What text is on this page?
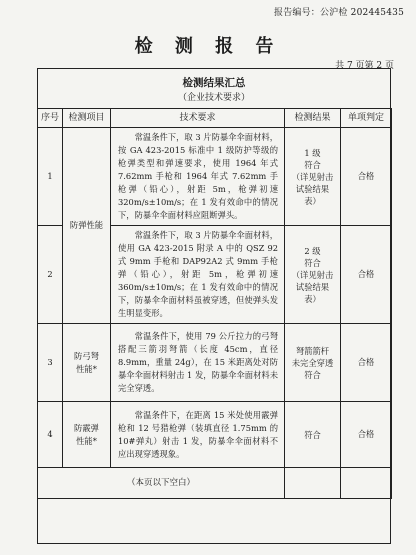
报告编号：公沪检 202445435
检 测 报 告
共 7 页第 2 页
检测结果汇总
（企业技术要求）
序号	检测项目	技术要求	检测结果	单项判定
1	防弹性能	常温条件下，取 3 片防暴伞伞面材料，按 GA 423-2015 标准中 1 级防护等级的枪弹类型和弹速要求，使用 1964 年式 7.62mm 手枪和 1964 年式 7.62mm 手枪弹（铅心），射距 5m，枪弹初速 320m/s±10m/s；在 1 发有效命中的情况下，防暴伞伞面材料应阻断弹头。	1 级
符合
（详见射击
试验结果
表）	合格
2		常温条件下，取 3 片防暴伞伞面材料，使用 GA 423-2015 附录 A 中的 QSZ 92 式 9mm 手枪和 DAP92A2 式 9mm 手枪弹（铅心），射距 5m，枪弹初速 360m/s±10m/s；在 1 发有效命中的情况下，防暴伞伞面材料虽被穿透，但使弹头发生明显变形。	2 级
符合
（详见射击
试验结果
表）	合格
3	防弓弩
性能*	常温条件下，使用 79 公斤拉力的弓弩搭配三箭羽弩箭（长度 45cm，直径 8.9mm，重量 24g），在 15 米距离处对防暴伞伞面材料射击 1 发，防暴伞伞面材料未完全穿透。	弩箭箭杆
未完全穿透
符合	合格
4	防霰弹
性能*	常温条件下，在距离 15 米处使用霰弹枪和 12 号猎枪弹（装填直径 1.75mm 的 10#弹丸）射击 1 发，防暴伞伞面材料不应出现穿透现象。	符合	合格
（本页以下空白）				
